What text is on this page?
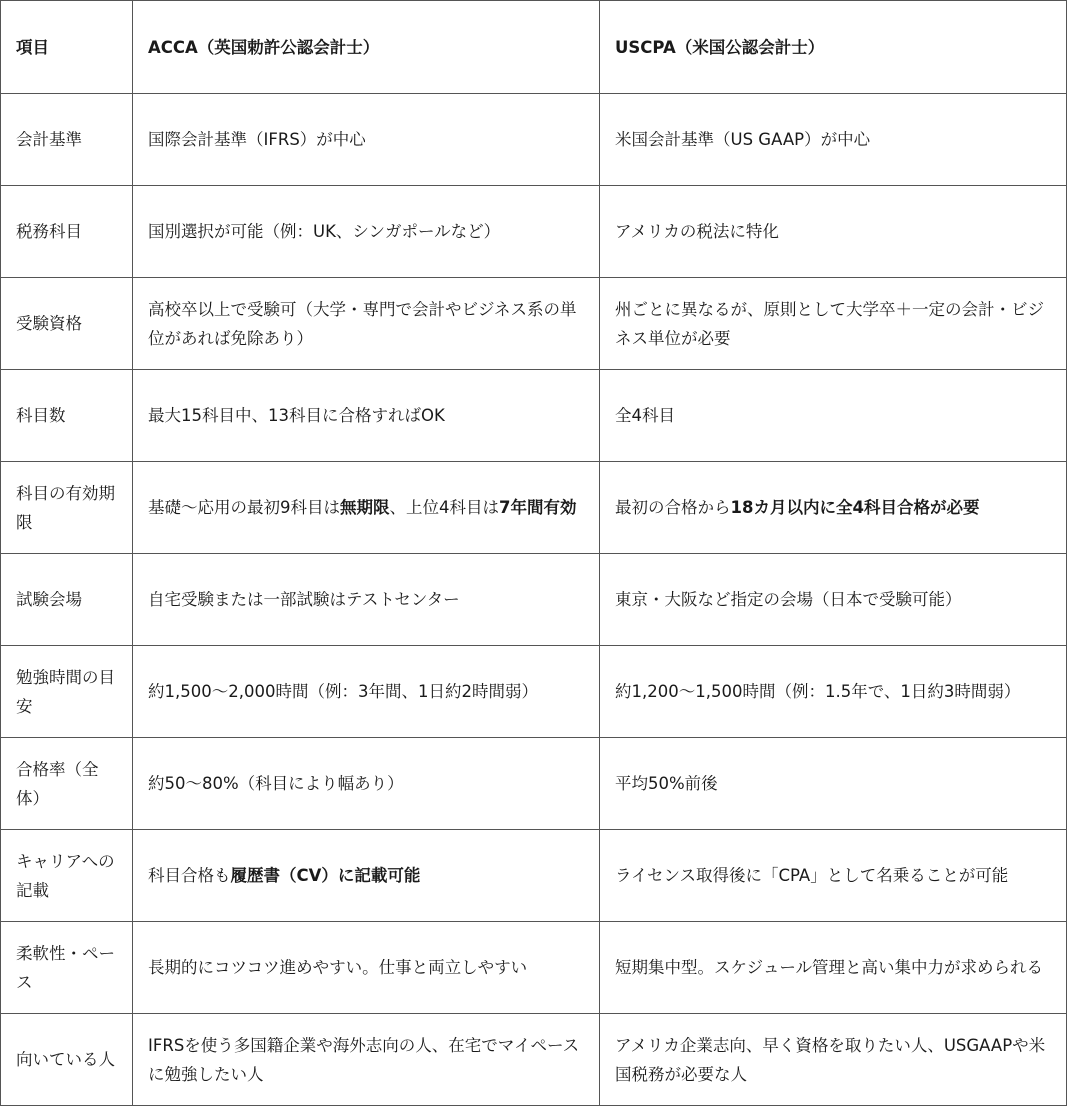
項目	ACCA（英国勅許公認会計士）	USCPA（米国公認会計士）
会計基準	国際会計基準（IFRS）が中心	米国会計基準（US GAAP）が中心
税務科目	国別選択が可能（例：UK、シンガポールなど）	アメリカの税法に特化
受験資格	高校卒以上で受験可（大学・専門で会計やビジネス系の単位があれば免除あり）	州ごとに異なるが、原則として大学卒＋一定の会計・ビジネス単位が必要
科目数	最大15科目中、13科目に合格すればOK	全4科目
科目の有効期限	基礎〜応用の最初9科目は無期限、上位4科目は7年間有効	最初の合格から18カ月以内に全4科目合格が必要
試験会場	自宅受験または一部試験はテストセンター	東京・大阪など指定の会場（日本で受験可能）
勉強時間の目安	約1,500〜2,000時間（例：3年間、1日約2時間弱）	約1,200〜1,500時間（例：1.5年で、1日約3時間弱）
合格率（全体）	約50〜80%（科目により幅あり）	平均50%前後
キャリアへの記載	科目合格も履歴書（CV）に記載可能	ライセンス取得後に「CPA」として名乗ることが可能
柔軟性・ペース	長期的にコツコツ進めやすい。仕事と両立しやすい	短期集中型。スケジュール管理と高い集中力が求められる
向いている人	IFRSを使う多国籍企業や海外志向の人、在宅でマイペースに勉強したい人	アメリカ企業志向、早く資格を取りたい人、USGAAPや米国税務が必要な人
